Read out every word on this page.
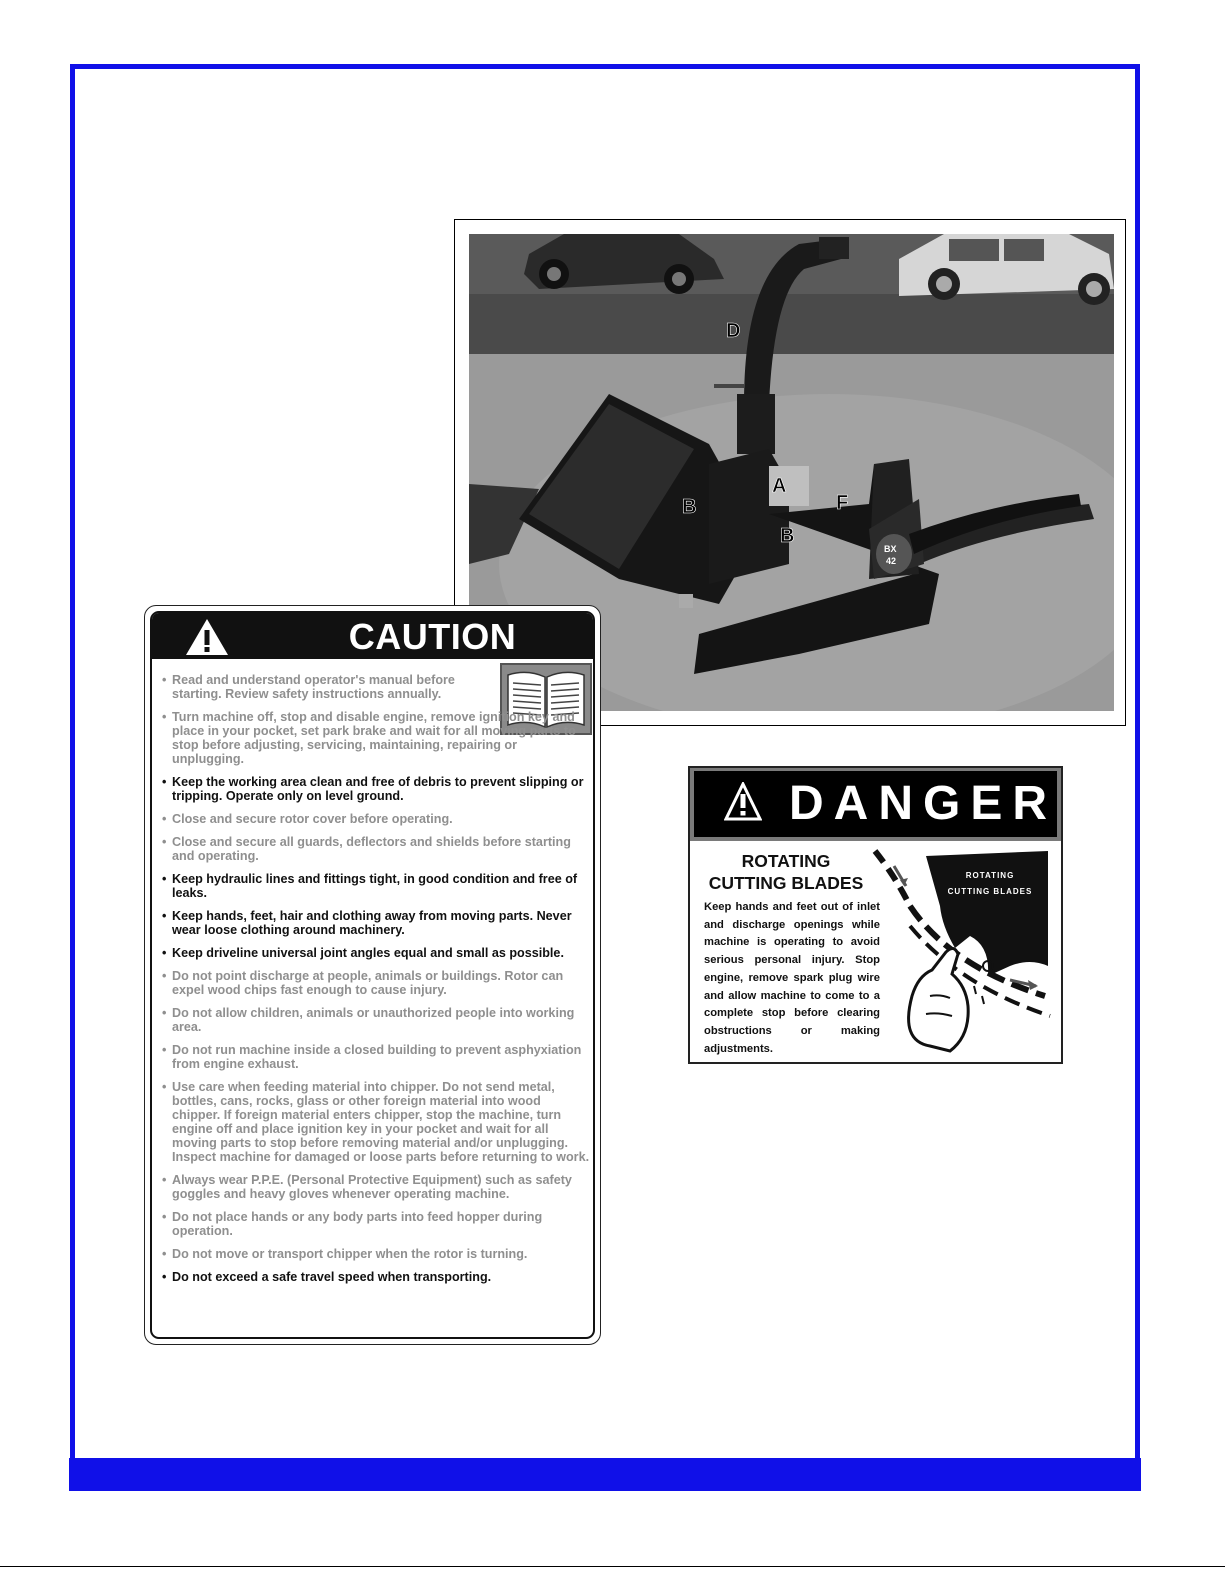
BX
42
D
A
F
B
B
CAUTION
• Read and understand operator's manual before starting. Review safety instructions annually.
• Turn machine off, stop and disable engine, remove ignition key and place in your pocket, set park brake and wait for all moving parts to stop before adjusting, servicing, maintaining, repairing or unplugging.
• Keep the working area clean and free of debris to prevent slipping or tripping. Operate only on level ground.
• Close and secure rotor cover before operating.
• Close and secure all guards, deflectors and shields before starting and operating.
• Keep hydraulic lines and fittings tight, in good condition and free of leaks.
• Keep hands, feet, hair and clothing away from moving parts. Never wear loose clothing around machinery.
• Keep driveline universal joint angles equal and small as possible.
• Do not point discharge at people, animals or buildings. Rotor can expel wood chips fast enough to cause injury.
• Do not allow children, animals or unauthorized people into working area.
• Do not run machine inside a closed building to prevent asphyxiation from engine exhaust.
• Use care when feeding material into chipper. Do not send metal, bottles, cans, rocks, glass or other foreign material into wood chipper. If foreign material enters chipper, stop the machine, turn engine off and place ignition key in your pocket and wait for all moving parts to stop before removing material and/or unplugging. Inspect machine for damaged or loose parts before returning to work.
• Always wear P.P.E. (Personal Protective Equipment) such as safety goggles and heavy gloves whenever operating machine.
• Do not place hands or any body parts into feed hopper during operation.
• Do not move or transport chipper when the rotor is turning.
• Do not exceed a safe travel speed when transporting.
DANGER
ROTATING
CUTTING BLADES
Keep hands and feet out of inlet and discharge openings while machine is operating to avoid serious personal injury. Stop engine, remove spark plug wire and allow machine to come to a complete stop before clearing obstructions or making adjustments.
ROTATING
CUTTING BLADES
